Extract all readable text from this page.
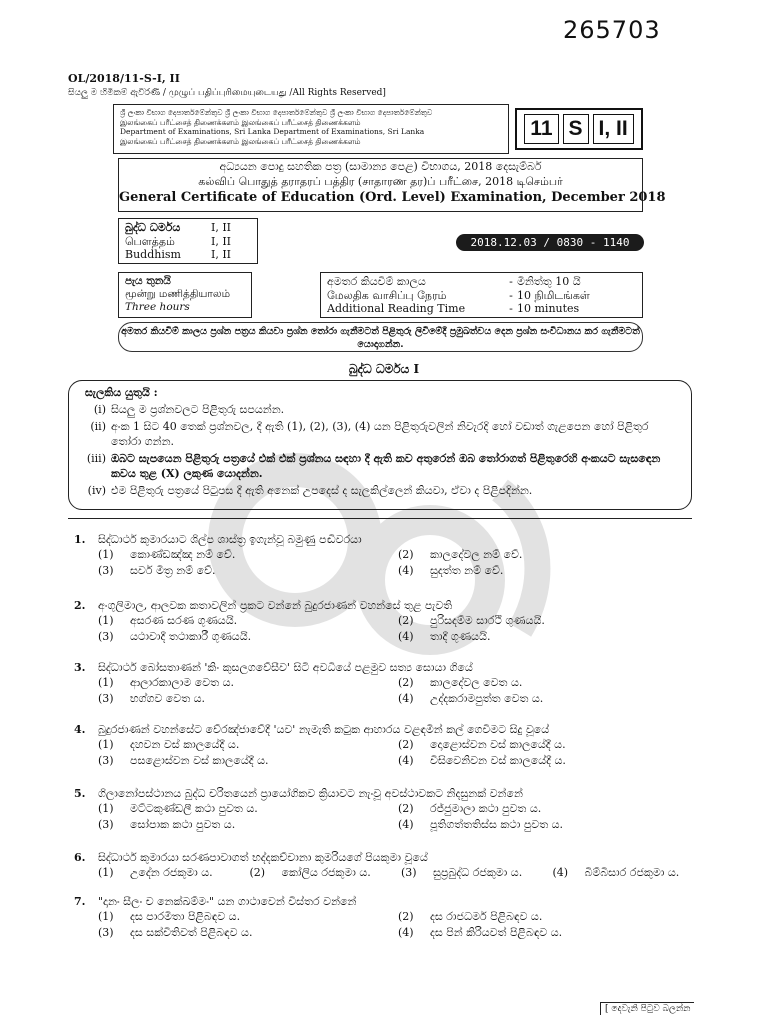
265703
OL/2018/11-S-I, II
සියලු ම හිමිකම් ඇවිරිණි / முழுப் பதிப்புரிமையுடையது /All Rights Reserved]
ශ්‍රී ලංකා විභාග දෙපාර්තමේන්තුව ශ්‍රී ලංකා විභාග දෙපාර්තමේන්තුව ශ්‍රී ලංකා විභාග දෙපාර්තමේන්තුව
இலங்கைப் பரீட்சைத் திணைக்களம் இலங்கைப் பரீட்சைத் திணைக்களம்
Department of Examinations, Sri Lanka Department of Examinations, Sri Lanka
இலங்கைப் பரீட்சைத் திணைக்களம் இலங்கைப் பரீட்சைத் திணைக்களம்
11 S I, II
අධ්‍යයන පොදු සහතික පත්‍ර (සාමාන්‍ය පෙළ) විභාගය, 2018 දෙසැම්බර්
கல்விப் பொதுத் தராதரப் பத்திர (சாதாரண தர)ப் பரீட்சை, 2018 டிசெம்பர்
General Certificate of Education (Ord. Level) Examination, December 2018
බුද්ධ ධර්මය	I, II
பௌத்தம்	I, II
Buddhism	I, II
2018.12.03 / 0830 - 1140
පැය තුනයි
மூன்று மணித்தியாலம்
Three hours
අමතර කියවීම් කාලය	- මිනිත්තු 10 යි
மேலதிக வாசிப்பு நேரம்	- 10 நிமிடங்கள்
Additional Reading Time	- 10 minutes
අමතර කියවීම් කාලය ප්‍රශ්න පත්‍රය කියවා ප්‍රශ්න තෝරා ගැනීමටත් පිළිතුරු ලිවීමේදී ප්‍රමුඛත්වය දෙන ප්‍රශ්න සංවිධානය කර ගැනීමටත් යොදාගන්න.
බුද්ධ ධර්මය I
සැලකිය යුතුයි :
(i) සියලු ම ප්‍රශ්නවලට පිළිතුරු සපයන්න.
(ii) අංක 1 සිට 40 තෙක් ප්‍රශ්නවල, දී ඇති (1), (2), (3), (4) යන පිළිතුරුවලින් නිවැරදි හෝ වඩාත් ගැළපෙන හෝ පිළිතුර තෝරා ගන්න.
(iii) ඔබට සැපයෙන පිළිතුරු පත්‍රයේ එක් එක් ප්‍රශ්නය සඳහා දී ඇති කව අතුරෙන් ඔබ තෝරාගත් පිළිතුරෙහි අංකයට සැසඳෙන කවය තුළ (X) ලකුණ යොදන්න.
(iv) එම පිළිතුරු පත්‍රයේ පිටුපස දී ඇති අනෙක් උපදෙස් ද සැලකිල්ලෙන් කියවා, ඒවා ද පිළිපදින්න.
1.	සිද්ධාර්ථ කුමාරයාට ශිල්ප ශාස්ත්‍ර ඉගැන්වූ බමුණු පඬිවරයා
(1)	කොණ්ඩඤ්ඤ නම් වේ.	(2)	කාලදේවල නම් වේ.
(3)	සර්ව මිත්‍ර නම් වේ.	(4)	සුදත්ත නම් වේ.
2.	අංගුලිමාල, ආලවක කතාවලින් ප්‍රකට වන්නේ බුදුරජාණන් වහන්සේ තුළ පැවති
(1)	අසරණ සරණ ගුණයයි.	(2)	පුරිසදම්ම සාරථි ගුණයයි.
(3)	යථාවාදී තථාකාරී ගුණයයි.	(4)	තාදී ගුණයයි.
3.	සිද්ධාර්ථ බෝසතාණන් 'කිං කුසලගවේසීව' සිටි අවධියේ පළමුව සත්‍ය සොයා ගියේ
(1)	ආලාරකාලාම වෙත ය.	(2)	කාලදේවල වෙත ය.
(3)	භග්ගව වෙත ය.	(4)	උද්දකරාමපුත්ත වෙත ය.
4.	බුදුරජාණන් වහන්සේට වේරඤ්ජාවේදී 'යව' නැමැති කටුක ආහාරය වළඳමින් කල් ගෙවීමට සිදු වූයේ
(1)	දහවන වස් කාලයේදී ය.	(2)	දොළොස්වන වස් කාලයේදී ය.
(3)	පසළොස්වන වස් කාලයේදී ය.	(4)	විසිවෙනිවන වස් කාලයේදී ය.
5.	ගිලානෝපස්ථානය බුද්ධ චරිතයෙන් ප්‍රායෝගිකව ක්‍රියාවට නැංවූ අවස්ථාවකට නිදසුනක් වන්නේ
(1)	මට්ටකුණ්ඩලී කථා පුවත ය.	(2)	රජ්ජුමාලා කථා පුවත ය.
(3)	සෝපාක කථා පුවත ය.	(4)	පූතිගත්තතිස්ස කථා පුවත ය.
6.	සිද්ධාර්ථ කුමාරයා සරණපාවාගත් භද්දකච්චානා කුමරියගේ පියකුමා වූයේ
(1)	උදේන රජකුමා ය.	(2)	කෝලිය රජකුමා ය.	(3)	සුප්‍රබුද්ධ රජකුමා ය.	(4)	බිම්බිසාර රජකුමා ය.
7.	"දානං සීලං ච නෙක්ඛම්මං" යන ගාථාවෙන් විස්තර වන්නේ
(1)	දස පාරමිතා පිළිබඳව ය.	(2)	දස රාජධර්ම පිළිබඳව ය.
(3)	දස සක්විතිවත් පිළිබඳව ය.	(4)	දස පින් කිරියවත් පිළිබඳව ය.
[ දෙවැනි පිටුව බලන්න
